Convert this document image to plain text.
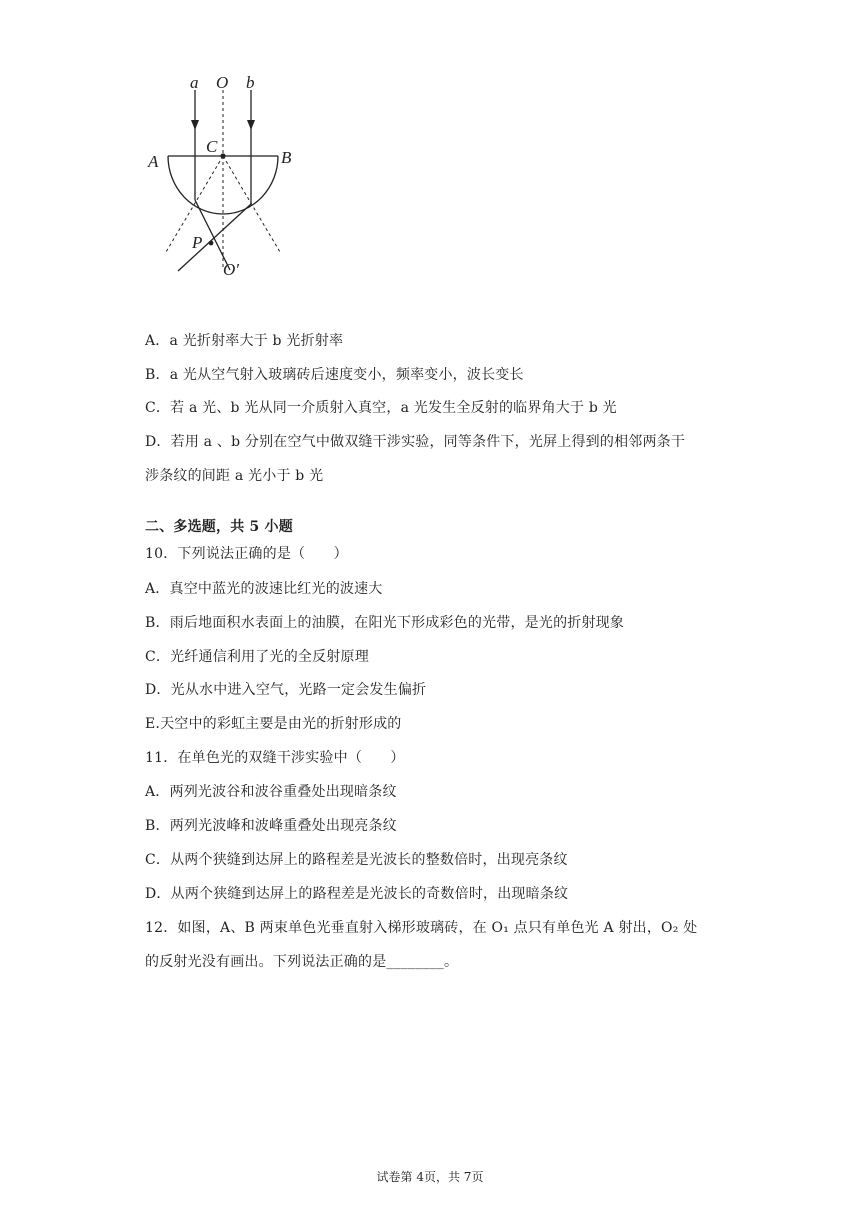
a O b
A
C
B
P
O′
A．a 光折射率大于 b 光折射率
B．a 光从空气射入玻璃砖后速度变小，频率变小，波长变长
C．若 a 光、b 光从同一介质射入真空，a 光发生全反射的临界角大于 b 光
D．若用 a 、b 分别在空气中做双缝干涉实验，同等条件下，光屏上得到的相邻两条干
涉条纹的间距 a 光小于 b 光
二、多选题，共 5 小题
10．下列说法正确的是（　　）
A．真空中蓝光的波速比红光的波速大
B．雨后地面积水表面上的油膜，在阳光下形成彩色的光带，是光的折射现象
C．光纤通信利用了光的全反射原理
D．光从水中进入空气，光路一定会发生偏折
E.天空中的彩虹主要是由光的折射形成的
11．在单色光的双缝干涉实验中（　　）
A．两列光波谷和波谷重叠处出现暗条纹
B．两列光波峰和波峰重叠处出现亮条纹
C．从两个狭缝到达屏上的路程差是光波长的整数倍时，出现亮条纹
D．从两个狭缝到达屏上的路程差是光波长的奇数倍时，出现暗条纹
12．如图，A、B 两束单色光垂直射入梯形玻璃砖，在 O₁ 点只有单色光 A 射出，O₂ 处
的反射光没有画出。下列说法正确的是________。
试卷第 4页，共 7页
